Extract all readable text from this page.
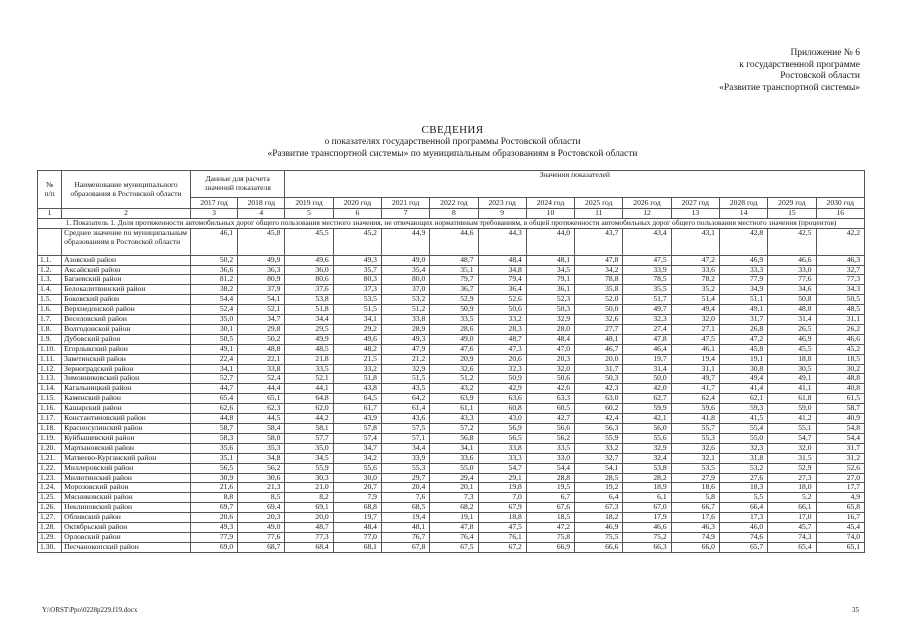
Приложение № 6
к государственной программе
Ростовской области
«Развитие транспортной системы»
СВЕДЕНИЯ
о показателях государственной программы Ростовской области
«Развитие транспортной системы» по муниципальным образованиям в Ростовской области
№
п/п	Наименование муниципального образования в Ростовской области	Данные для расчета значений показателя		Значения показателей											
		2017 год	2018 год	2019 год	2020 год	2021 год	2022 год	2023 год	2024 год	2025 год	2026 год	2027 год	2028 год	2029 год	2030 год
1	2	3	4	5	6	7	8	9	10	11	12	13	14	15	16
1. Показатель 1. Доля протяженности автомобильных дорог общего пользования местного значения, не отвечающих нормативным требованиям, в общей протяженности автомобильных дорог общего пользования местного значения (процентов)															
	Среднее значение по муниципальным образованиям в Ростовской области	46,1	45,8	45,5	45,2	44,9	44,6	44,3	44,0	43,7	43,4	43,1	42,8	42,5	42,2
1.1.	Азовский район	50,2	49,9	49,6	49,3	49,0	48,7	48,4	48,1	47,8	47,5	47,2	46,9	46,6	46,3
1.2.	Аксайский район	36,6	36,3	36,0	35,7	35,4	35,1	34,8	34,5	34,2	33,9	33,6	33,3	33,0	32,7
1.3.	Багаевский район	81,2	80,9	80,6	80,3	80,0	79,7	79,4	79,1	78,8	78,5	78,2	77,9	77,6	77,3
1.4.	Белокалитвинский район	38,2	37,9	37,6	37,3	37,0	36,7	36,4	36,1	35,8	35,5	35,2	34,9	34,6	34,3
1.5.	Боковский район	54,4	54,1	53,8	53,5	53,2	52,9	52,6	52,3	52,0	51,7	51,4	51,1	50,8	50,5
1.6.	Верхнедонской район	52,4	52,1	51,8	51,5	51,2	50,9	50,6	50,3	50,0	49,7	49,4	49,1	48,8	48,5
1.7.	Веселовский район	35,0	34,7	34,4	34,1	33,8	33,5	33,2	32,9	32,6	32,3	32,0	31,7	31,4	31,1
1.8.	Волгодонской район	30,1	29,8	29,5	29,2	28,9	28,6	28,3	28,0	27,7	27,4	27,1	26,8	26,5	26,2
1.9.	Дубовский район	50,5	50,2	49,9	49,6	49,3	49,0	48,7	48,4	48,1	47,8	47,5	47,2	46,9	46,6
1.10.	Егорлыкский район	49,1	48,8	48,5	48,2	47,9	47,6	47,3	47,0	46,7	46,4	46,1	45,8	45,5	45,2
1.11.	Заветинский район	22,4	22,1	21,8	21,5	21,2	20,9	20,6	20,3	20,0	19,7	19,4	19,1	18,8	18,5
1.12.	Зерноградский район	34,1	33,8	33,5	33,2	32,9	32,6	32,3	32,0	31,7	31,4	31,1	30,8	30,5	30,2
1.13.	Зимовниковский район	52,7	52,4	52,1	51,8	51,5	51,2	50,9	50,6	50,3	50,0	49,7	49,4	49,1	48,8
1.14.	Кагальницкий район	44,7	44,4	44,1	43,8	43,5	43,2	42,9	42,6	42,3	42,0	41,7	41,4	41,1	40,8
1.15.	Каменский район	65,4	65,1	64,8	64,5	64,2	63,9	63,6	63,3	63,0	62,7	62,4	62,1	61,8	61,5
1.16.	Кашарский район	62,6	62,3	62,0	61,7	61,4	61,1	60,8	60,5	60,2	59,9	59,6	59,3	59,0	58,7
1.17.	Константиновский район	44,8	44,5	44,2	43,9	43,6	43,3	43,0	42,7	42,4	42,1	41,8	41,5	41,2	40,9
1.18.	Красносулинский район	58,7	58,4	58,1	57,8	57,5	57,2	56,9	56,6	56,3	56,0	55,7	55,4	55,1	54,8
1.19.	Куйбышевский район	58,3	58,0	57,7	57,4	57,1	56,8	56,5	56,2	55,9	55,6	55,3	55,0	54,7	54,4
1.20.	Мартыновский район	35,6	35,3	35,0	34,7	34,4	34,1	33,8	33,5	33,2	32,9	32,6	32,3	32,0	31,7
1.21.	Матвеево-Курганский район	35,1	34,8	34,5	34,2	33,9	33,6	33,3	33,0	32,7	32,4	32,1	31,8	31,5	31,2
1.22.	Миллеровский район	56,5	56,2	55,9	55,6	55,3	55,0	54,7	54,4	54,1	53,8	53,5	53,2	52,9	52,6
1.23.	Милютинский район	30,9	30,6	30,3	30,0	29,7	29,4	29,1	28,8	28,5	28,2	27,9	27,6	27,3	27,0
1.24.	Морозовский район	21,6	21,3	21,0	20,7	20,4	20,1	19,8	19,5	19,2	18,9	18,6	18,3	18,0	17,7
1.25.	Мясниковский район	8,8	8,5	8,2	7,9	7,6	7,3	7,0	6,7	6,4	6,1	5,8	5,5	5,2	4,9
1.26.	Неклиновский район	69,7	69,4	69,1	68,8	68,5	68,2	67,9	67,6	67,3	67,0	66,7	66,4	66,1	65,8
1.27.	Обливский район	20,6	20,3	20,0	19,7	19,4	19,1	18,8	18,5	18,2	17,9	17,6	17,3	17,0	16,7
1.28.	Октябрьский район	49,3	49,0	48,7	48,4	48,1	47,8	47,5	47,2	46,9	46,6	46,3	46,0	45,7	45,4
1.29.	Орловский район	77,9	77,6	77,3	77,0	76,7	76,4	76,1	75,8	75,5	75,2	74,9	74,6	74,3	74,0
1.30.	Песчанокопский район	69,0	68,7	68,4	68,1	67,8	67,5	67,2	66,9	66,6	66,3	66,0	65,7	65,4	65,1
Y:\ORST\Ppo\0228p229.f19.docx	35
